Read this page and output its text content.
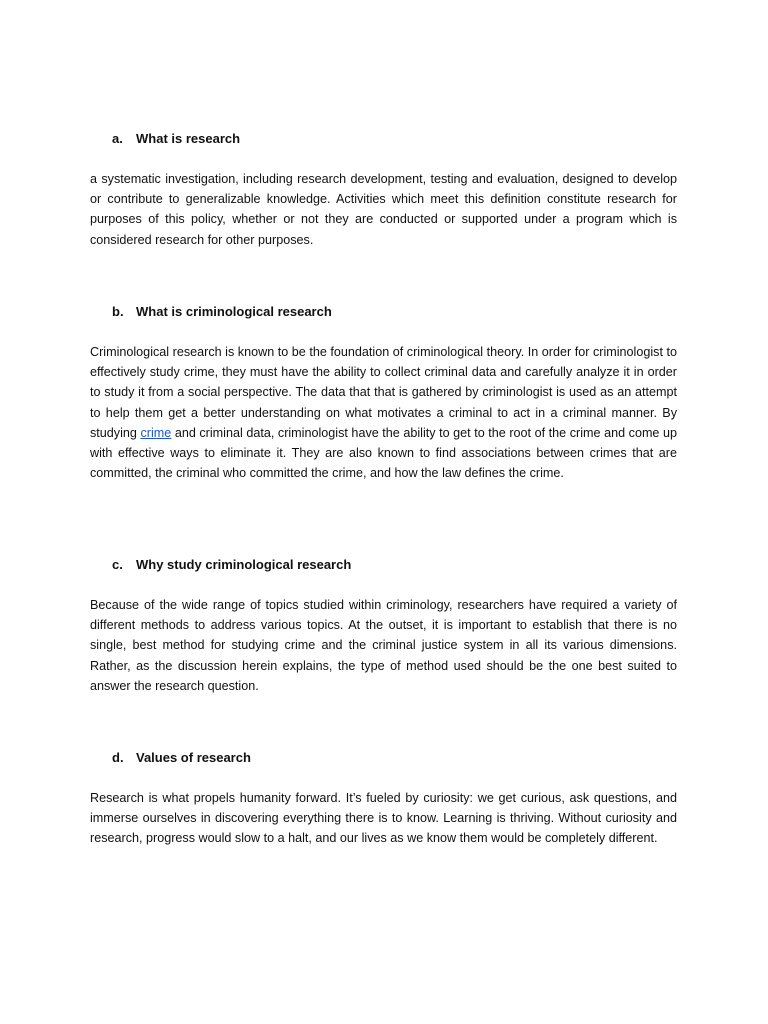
a.	What is research

a systematic investigation, including research development, testing and evaluation, designed to develop or contribute to generalizable knowledge. Activities which meet this definition constitute research for purposes of this policy, whether or not they are conducted or supported under a program which is considered research for other purposes.

b. What is criminological research

Criminological research is known to be the foundation of criminological theory. In order for criminologist to effectively study crime, they must have the ability to collect criminal data and carefully analyze it in order to study it from a social perspective. The data that that is gathered by criminologist is used as an attempt to help them get a better understanding on what motivates a criminal to act in a criminal manner. By studying crime and criminal data, criminologist have the ability to get to the root of the crime and come up with effective ways to eliminate it. They are also known to find associations between crimes that are committed, the criminal who committed the crime, and how the law defines the crime.

c.	Why study criminological research

Because of the wide range of topics studied within criminology, researchers have required a variety of different methods to address various topics. At the outset, it is important to establish that there is no single, best method for studying crime and the criminal justice system in all its various dimensions. Rather, as the discussion herein explains, the type of method used should be the one best suited to answer the research question.

d. Values of research

Research is what propels humanity forward. It’s fueled by curiosity: we get curious, ask questions, and immerse ourselves in discovering everything there is to know. Learning is thriving. Without curiosity and research, progress would slow to a halt, and our lives as we know them would be completely different.
